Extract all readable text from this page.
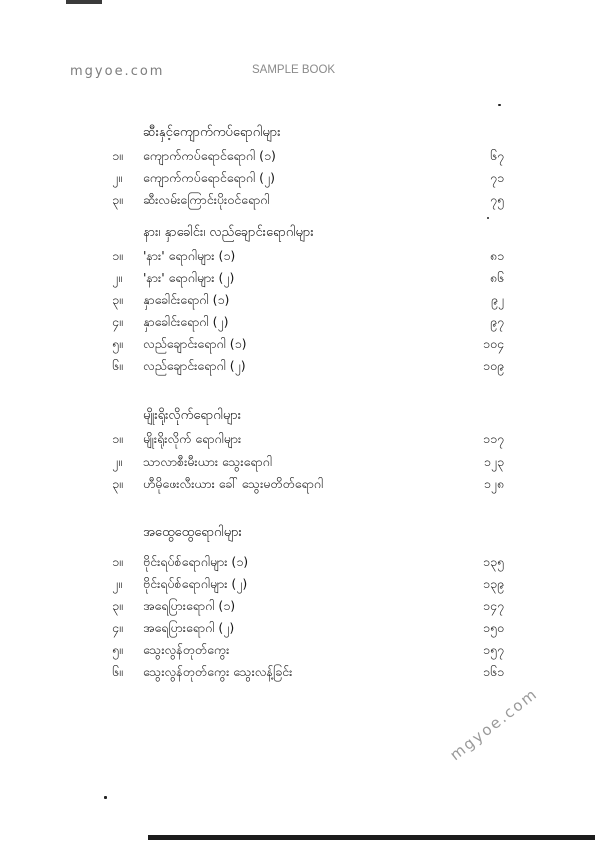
mgyoe.com	SAMPLE BOOK
ဆီးနှင့်ကျောက်ကပ်ရောဂါများ
၁။ ကျောက်ကပ်ရောင်ရောဂါ (၁)	၆၇
၂။ ကျောက်ကပ်ရောင်ရောဂါ (၂)	၇၁
၃။ ဆီးလမ်းကြောင်းပိုးဝင်ရောဂါ	၇၅
နား၊ နှာခေါင်း၊ လည်ချောင်းရောဂါများ
၁။ 'နား' ရောဂါများ (၁)	၈၁
၂။ 'နား' ရောဂါများ (၂)	၈၆
၃။ နှာခေါင်းရောဂါ (၁)	၉၂
၄။ နှာခေါင်းရောဂါ (၂)	၉၇
၅။ လည်ချောင်းရောဂါ (၁)	၁၀၄
၆။ လည်ချောင်းရောဂါ (၂)	၁၀၉
မျိုးရိုးလိုက်ရောဂါများ
၁။ မျိုးရိုးလိုက် ရောဂါများ	၁၁၇
၂။ သာလာစီးမီးယား သွေးရောဂါ	၁၂၃
၃။ ဟီမိုဖေးလီးယား ခေါ် သွေးမတိတ်ရောဂါ	၁၂၈
အထွေထွေရောဂါများ
၁။ ဗိုင်းရပ်စ်ရောဂါများ (၁)	၁၃၅
၂။ ဗိုင်းရပ်စ်ရောဂါများ (၂)	၁၃၉
၃။ အရေပြားရောဂါ (၁)	၁၄၇
၄။ အရေပြားရောဂါ (၂)	၁၅၀
၅။ သွေးလွန်တုတ်ကွေး	၁၅၇
၆။ သွေးလွန်တုတ်ကွေး သွေးလန့်ခြင်း	၁၆၁
mgyoe.com
